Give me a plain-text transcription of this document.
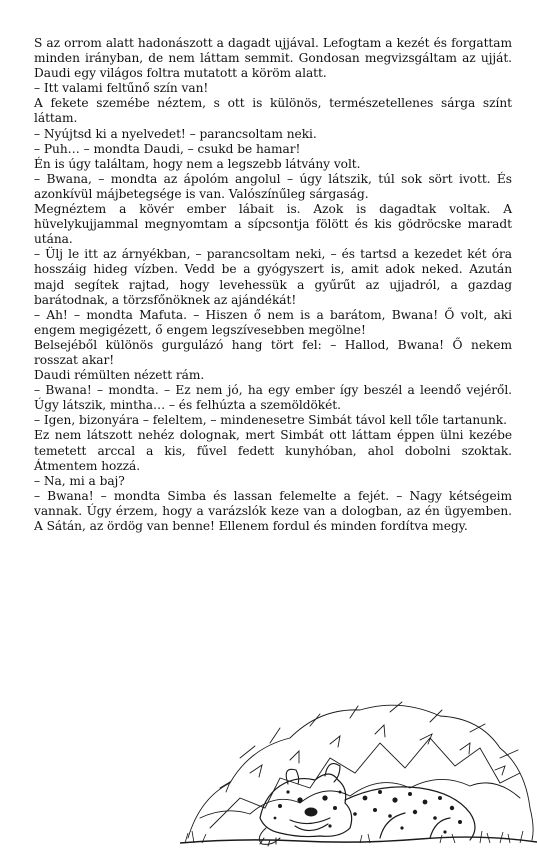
S az orrom alatt hadonászott a dagadt ujjával. Lefogtam a kezét és forgattam minden irányban, de nem láttam semmit. Gondosan megvizsgáltam az ujját. Daudi egy világos foltra mutatott a köröm alatt.

– Itt valami feltűnő szín van!

A fekete szemébe néztem, s ott is különös, természetellenes sárga színt láttam.

– Nyújtsd ki a nyelvedet! – parancsoltam neki.

– Puh… – mondta Daudi, – csukd be hamar!

Én is úgy találtam, hogy nem a legszebb látvány volt.

– Bwana, – mondta az ápolóm angolul – úgy látszik, túl sok sört ivott. És azonkívül májbetegsége is van. Valószínűleg sárgaság.

Megnéztem a kövér ember lábait is. Azok is dagadtak voltak. A hüvelykujjammal megnyomtam a sípcsontja fölött és kis gödröcske maradt utána.

– Ülj le itt az árnyékban, – parancsoltam neki, – és tartsd a kezedet két óra hosszáig hideg vízben. Vedd be a gyógyszert is, amit adok neked. Azután majd segítek rajtad, hogy levehessük a gyűrűt az ujjadról, a gazdag barátodnak, a törzsfőnöknek az ajándékát!

– Ah! – mondta Mafuta. – Hiszen ő nem is a barátom, Bwana! Ő volt, aki engem megigézett, ő engem legszívesebben megölne!

Belsejéből különös gurgulázó hang tört fel: – Hallod, Bwana! Ő nekem rosszat akar!

Daudi rémülten nézett rám.

– Bwana! – mondta. – Ez nem jó, ha egy ember így beszél a leendő vejéről. Úgy látszik, mintha… – és felhúzta a szemöldökét.

– Igen, bizonyára – feleltem, – mindenesetre Simbát távol kell tőle tartanunk.

Ez nem látszott nehéz dolognak, mert Simbát ott láttam éppen ülni kezébe temetett arccal a kis, fűvel fedett kunyhóban, ahol dobolni szoktak. Átmentem hozzá.

– Na, mi a baj?

– Bwana! – mondta Simba és lassan felemelte a fejét. – Nagy kétségeim vannak. Úgy érzem, hogy a varázslók keze van a dologban, az én ügyemben. A Sátán, az ördög van benne! Ellenem fordul és minden fordítva megy.
